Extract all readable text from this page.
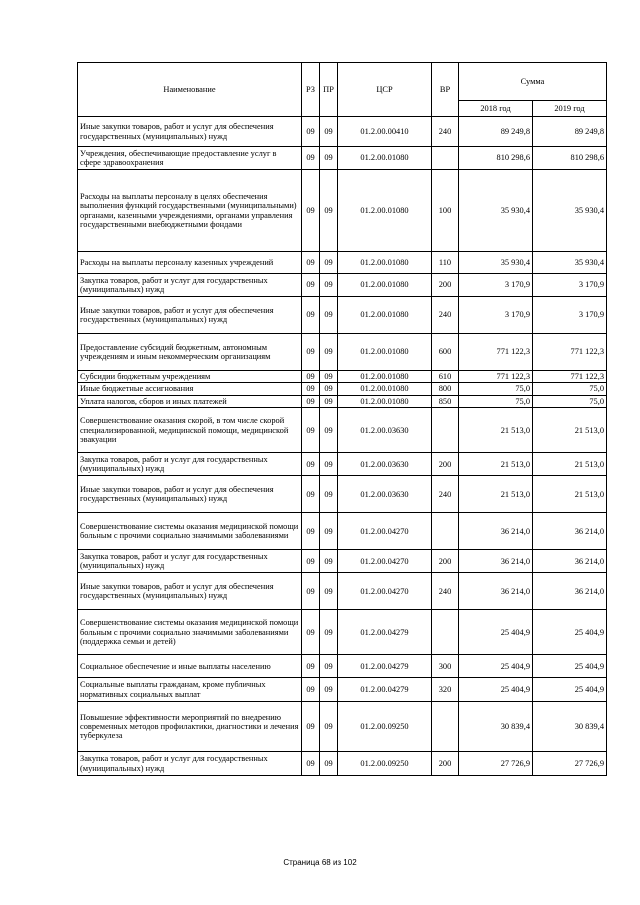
Наименование	РЗ	ПР	ЦСР	ВР	Сумма	
					2018 год	2019 год
Иные закупки товаров, работ и услуг для обеспечения государственных (муниципальных) нужд	09	09	01.2.00.00410	240	89 249,8	89 249,8
Учреждения, обеспечивающие предоставление услуг в сфере здравоохранения	09	09	01.2.00.01080		810 298,6	810 298,6
Расходы на выплаты персоналу в целях обеспечения выполнения функций государственными (муниципальными) органами, казенными учреждениями, органами управления государственными внебюджетными фондами	09	09	01.2.00.01080	100	35 930,4	35 930,4
Расходы на выплаты персоналу казенных учреждений	09	09	01.2.00.01080	110	35 930,4	35 930,4
Закупка товаров, работ и услуг для государственных (муниципальных) нужд	09	09	01.2.00.01080	200	3 170,9	3 170,9
Иные закупки товаров, работ и услуг для обеспечения государственных (муниципальных) нужд	09	09	01.2.00.01080	240	3 170,9	3 170,9
Предоставление субсидий бюджетным, автономным учреждениям и иным некоммерческим организациям	09	09	01.2.00.01080	600	771 122,3	771 122,3
Субсидии бюджетным учреждениям	09	09	01.2.00.01080	610	771 122,3	771 122,3
Иные бюджетные ассигнования	09	09	01.2.00.01080	800	75,0	75,0
Уплата налогов, сборов и иных платежей	09	09	01.2.00.01080	850	75,0	75,0
Совершенствование оказания скорой, в том числе скорой специализированной, медицинской помощи, медицинской эвакуации	09	09	01.2.00.03630		21 513,0	21 513,0
Закупка товаров, работ и услуг для государственных (муниципальных) нужд	09	09	01.2.00.03630	200	21 513,0	21 513,0
Иные закупки товаров, работ и услуг для обеспечения государственных (муниципальных) нужд	09	09	01.2.00.03630	240	21 513,0	21 513,0
Совершенствование системы оказания медицинской помощи больным с прочими социально значимыми заболеваниями	09	09	01.2.00.04270		36 214,0	36 214,0
Закупка товаров, работ и услуг для государственных (муниципальных) нужд	09	09	01.2.00.04270	200	36 214,0	36 214,0
Иные закупки товаров, работ и услуг для обеспечения государственных (муниципальных) нужд	09	09	01.2.00.04270	240	36 214,0	36 214,0
Совершенствование системы оказания медицинской помощи больным с прочими социально значимыми заболеваниями (поддержка семьи и детей)	09	09	01.2.00.04279		25 404,9	25 404,9
Социальное обеспечение и иные выплаты населению	09	09	01.2.00.04279	300	25 404,9	25 404,9
Социальные выплаты гражданам, кроме публичных нормативных социальных выплат	09	09	01.2.00.04279	320	25 404,9	25 404,9
Повышение эффективности мероприятий по внедрению современных методов профилактики, диагностики и лечения туберкулеза	09	09	01.2.00.09250		30 839,4	30 839,4
Закупка товаров, работ и услуг для государственных (муниципальных) нужд	09	09	01.2.00.09250	200	27 726,9	27 726,9
Страница 68 из 102
